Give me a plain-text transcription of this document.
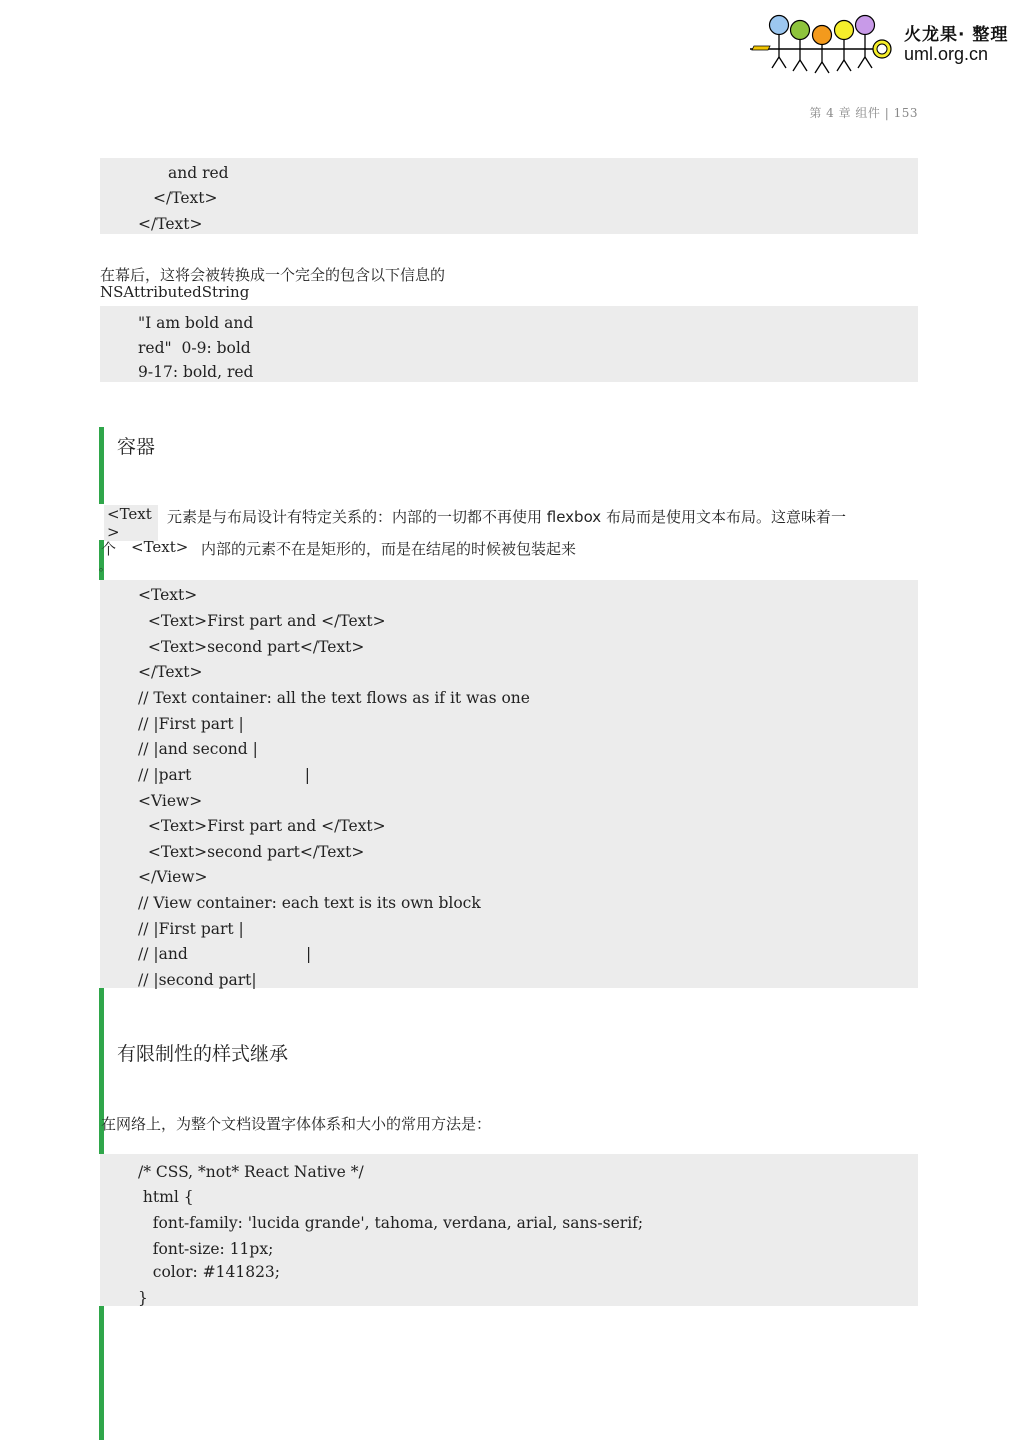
火龙果· 整理
uml.org.cn
第 4 章 组件 | 153
and red
</Text>
</Text>
在幕后，这将会被转换成一个完全的包含以下信息的
NSAttributedString
"I am bold and
red"  0-9: bold
9-17: bold, red
容器
<Text>
元素是与布局设计有特定关系的：内部的一切都不再使用 flexbox 布局而是使用文本布局。这意味着一
个 <Text> 内部的元素不在是矩形的，而是在结尾的时候被包装起来
。
<Text>
<Text>First part and </Text>
<Text>second part</Text>
</Text>
// Text container: all the text flows as if it was one
// |First part |
// |and second |
// |part                       |
<View>
<Text>First part and </Text>
<Text>second part</Text>
</View>
// View container: each text is its own block
// |First part |
// |and                        |
// |second part|
有限制性的样式继承
在网络上，为整个文档设置字体体系和大小的常用方法是：
/* CSS, *not* React Native */
html {
font-family: 'lucida grande', tahoma, verdana, arial, sans-serif;
font-size: 11px;
color: #141823;
}
